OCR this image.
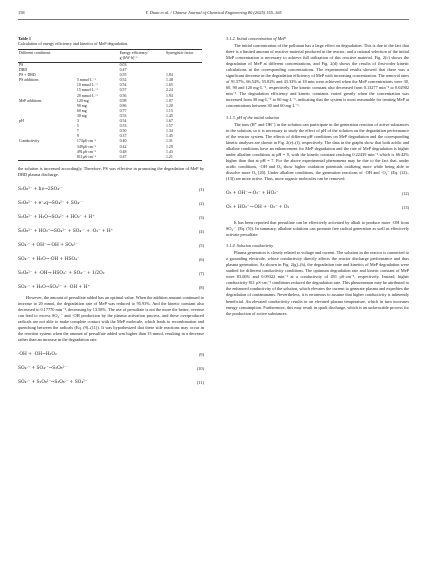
158	Y. Duan et al. / Chinese Journal of Chemical Engineering 80 (2025) 155–165
Table 1
Calculation of energy efficiency and kinetics of MeP degradation.
Different conditions		Energy efficiency/ g·(kW·h)⁻¹	Synergistic factor
PS		0.03	
DBD		0.47	
PS + DBD		0.55	1.84
PS additions	5 mmol·L⁻¹	0.52	1.48
	10 mmol·L⁻¹	0.54	1.65
	15 mmol·L⁻¹	0.57	2.24
	20 mmol·L⁻¹	0.56	1.94
MeP additions	120 mg	0.98	1.07
	90 mg	0.86	1.20
	60 mg	0.77	1.15
	30 mg	0.53	1.45
pH	3	0.54	1.67
	5	0.53	1.57
	7	0.50	1.34
	9	0.37	1.45
Conductivity	174μS·cm⁻¹	0.40	1.31
	349μS·cm⁻¹	0.42	1.29
	491μS·cm⁻¹	0.48	1.43
	811μS·cm⁻¹	0.47	1.21

the solution is increased accordingly. Therefore, PS was effective in promoting the degradation of MeP by DBD plasma discharge.

S₂O₈²⁻ + hν→2SO₄·⁻	(1)
S₂O₈²⁻ + e⁻ₐq→SO₄²⁻ + SO₄·⁻	(2)
S₂O₈²⁻ + H₂O→SO₄²⁻ + HO₂⁻ + H⁺	(3)
S₂O₈²⁻ + HO₂⁻→SO₄²⁻ + SO₄·⁻ + ·O₂⁻ + H⁺	(4)
SO₄·⁻ + OH⁻→·OH + SO₄²⁻	(5)
SO₄·⁻ + H₂O→·OH + HSO₄⁻	(6)
S₂O₈²⁻ + ·OH→·HSO₄⁻ + SO₄·⁻ + 1/2O₂	(7)
SO₄·⁻ + H₂O→SO₄²⁻ + ·OH + H⁺	(8)

However, the amount of persulfate added has an optimal value. When the addition amount continued to increase to 20 mmol, the degradation rate of MeP was reduced to 95.93%. And the kinetic constant also decreased to 0.17770 min⁻¹, decreasing by 13.58%. The use of persulfate is not the more the better; overuse can lead to excess SO₄·⁻ and ·OH production by the plasma activation process, and these overproduced radicals are not able to make complete contact with the MeP molecule, which leads to recombination and quenching between the radicals (Eq. (9)–(11)). It was hypothesized that these side reactions may occur in the reaction system when the amount of persulfate added was higher than 15 mmol, resulting in a decrease rather than an increase in the degradation rate.

·OH + ·OH→H₂O₂	(9)
SO₄·⁻ + SO₄·⁻→S₂O₈²⁻	(10)
SO₄·⁻ + S₂O₈²⁻→S₂O₈·⁻ + SO₄²⁻	(11)
3.1.2. Initial concentration of MeP

The initial concentration of the pollutant has a large effect on degradation. This is due to the fact that there is a limited amount of reactive material produced in the reactor, and a rational selection of the initial MeP concentration is necessary to achieve full utilization of this reactive material. Fig. 2(c) shows the degradation of MeP at different concentrations, and Fig. 2(d) shows the results of first-order kinetic calculations at the corresponding concentrations. The experimental results showed that there was a significant decrease in the degradation efficiency of MeP with increasing concentration. The removal rates of 91.57%, 66.54%, 55.82% and 43.33% at 18 min were achieved when the MeP concentrations were 30, 60, 90 and 120 mg·L⁻¹, respectively. The kinetic constant also decreased from 0.13277 min⁻¹ to 0.02902 min⁻¹. The degradation efficiency and kinetic constants varied greatly when the concentration was increased from 30 mg·L⁻¹ to 60 mg·L⁻¹, indicating that the system is most reasonable for treating MeP at concentrations between 30 and 60 mg·L⁻¹.

3.1.3. pH of the initial solution

The ions (H⁺ and OH⁻) in the solution can participate in the generation reaction of active substances in the solution, so it is necessary to study the effect of pH of the solution on the degradation performance of the reactor system. The effects of different pH conditions on MeP degradation and the corresponding kinetic analyses are shown in Fig. 2(e)–(f), respectively. The data in the graphs show that both acidic and alkaline conditions have an enhancement for MeP degradation and the rate of MeP degradation is higher under alkaline conditions at pH = 9, with the kinetic constant reaching 0.22439 min⁻¹ which is 66.42% higher than that at pH = 7. For the above experimental phenomena may be due to the fact that, under acidic conditions, ·OH and O₃ show higher oxidation potentials oxidizing more while being able to dissolve more O₃ [20]. Under alkaline conditions, the generation reactions of ·OH and ·O₂⁻ (Eq. (12)–(13)) are more active. Thus, more organic molecules can be removed.

O₃ + OH⁻→·O₂⁻ + HO₂⁻	(12)
O₃ + HO₂⁻→·OH + ·O₂⁻ + O₂	(13)

It has been reported that persulfate can be effectively activated by alkali to produce more ·OH from SO₄·⁻ (Eq. (5)). In summary, alkaline solutions can promote free radical generation as well as effectively activate persulfate.

3.1.4. Solution conductivity

Plasma generation is closely related to voltage and current. The solution in the reactor is connected to a grounding electrode, whose conductivity directly affects the reactor discharge performance and thus plasma generation. As shown in Fig. 2(g)–(h), the degradation rate and kinetics of MeP degradation were studied for different conductivity conditions. The optimum degradation rate and kinetic constant of MeP were 83.66% and 0.09322 min⁻¹ at a conductivity of 491 μS·cm⁻¹, respectively. Instead, higher conductivity 811 μS·cm⁻¹ conditions reduced the degradation rate. This phenomenon may be attributed to the enhanced conductivity of the solution, which elevates the current to generate plasma and expedites the degradation of contaminants. Nevertheless, it is erroneous to assume that higher conductivity is inherently beneficial. An elevated conductivity results in an elevated plasma temperature, which in turn increases energy consumption. Furthermore, this may result in spark discharge, which is an unfavorable process for the production of active substances.
